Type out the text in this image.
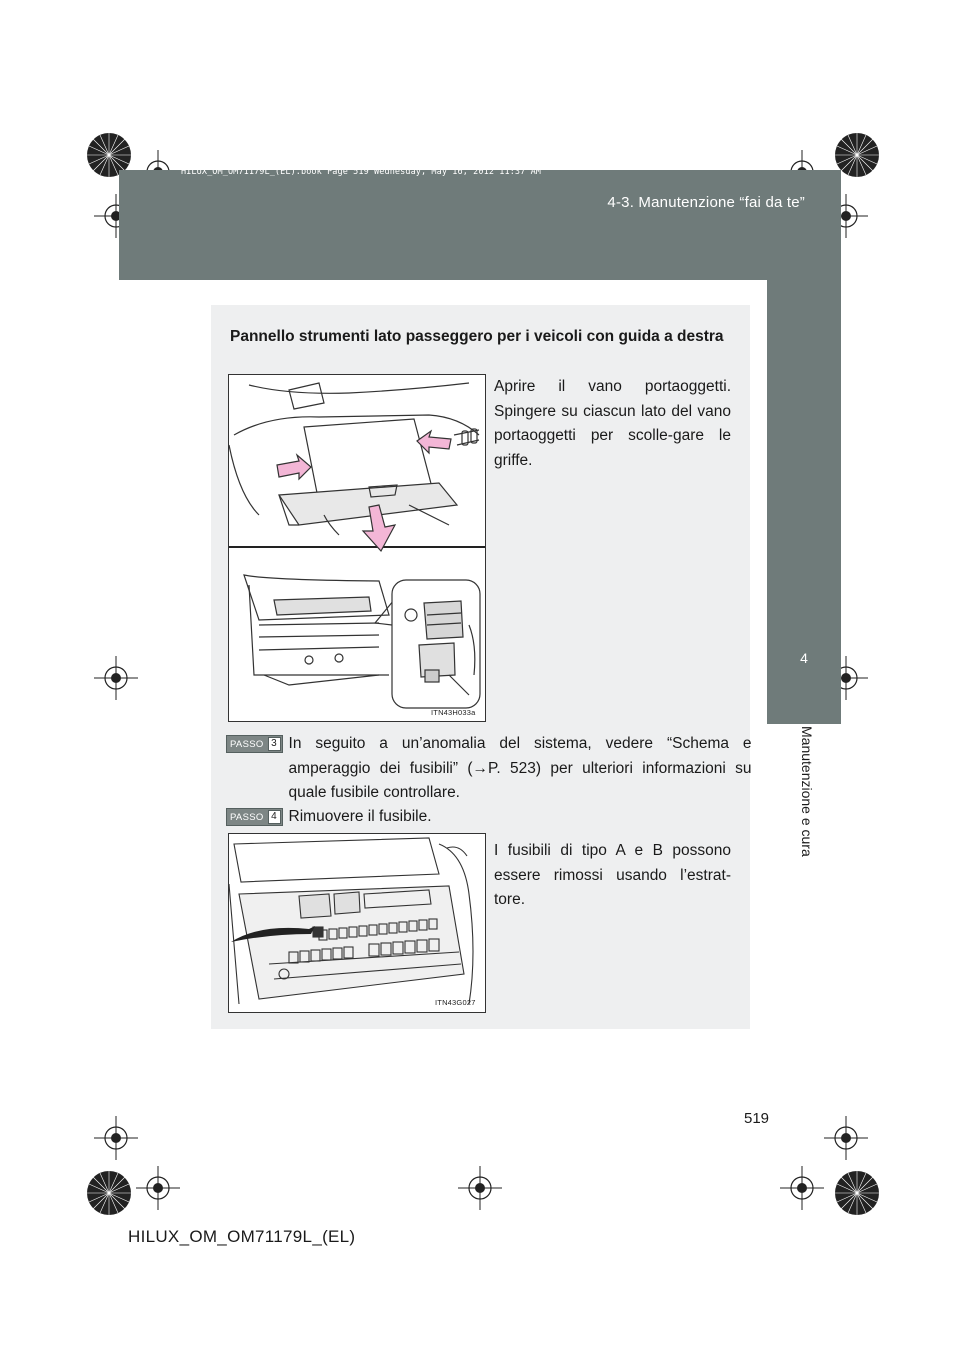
4-3. Manutenzione “fai da te”
HILUX_OM_OM71179L_(EL).book Page 519 Wednesday, May 16, 2012 11:37 AM
4
Manutenzione e cura
Pannello strumenti lato passeggero per i veicoli con guida a destra
ITN43H033a
Aprire il vano portaoggetti. Spingere su ciascun lato del vano portaoggetti per scolle-gare le griffe.
PASSO 3 In seguito a un’anomalia del sistema, vedere “Schema e amperaggio dei fusibili” (→P. 523) per ulteriori informazioni su quale fusibile controllare.
PASSO 4 Rimuovere il fusibile.
ITN43G027
I fusibili di tipo A e B possono essere rimossi usando l’estrat-tore.
519
HILUX_OM_OM71179L_(EL)
